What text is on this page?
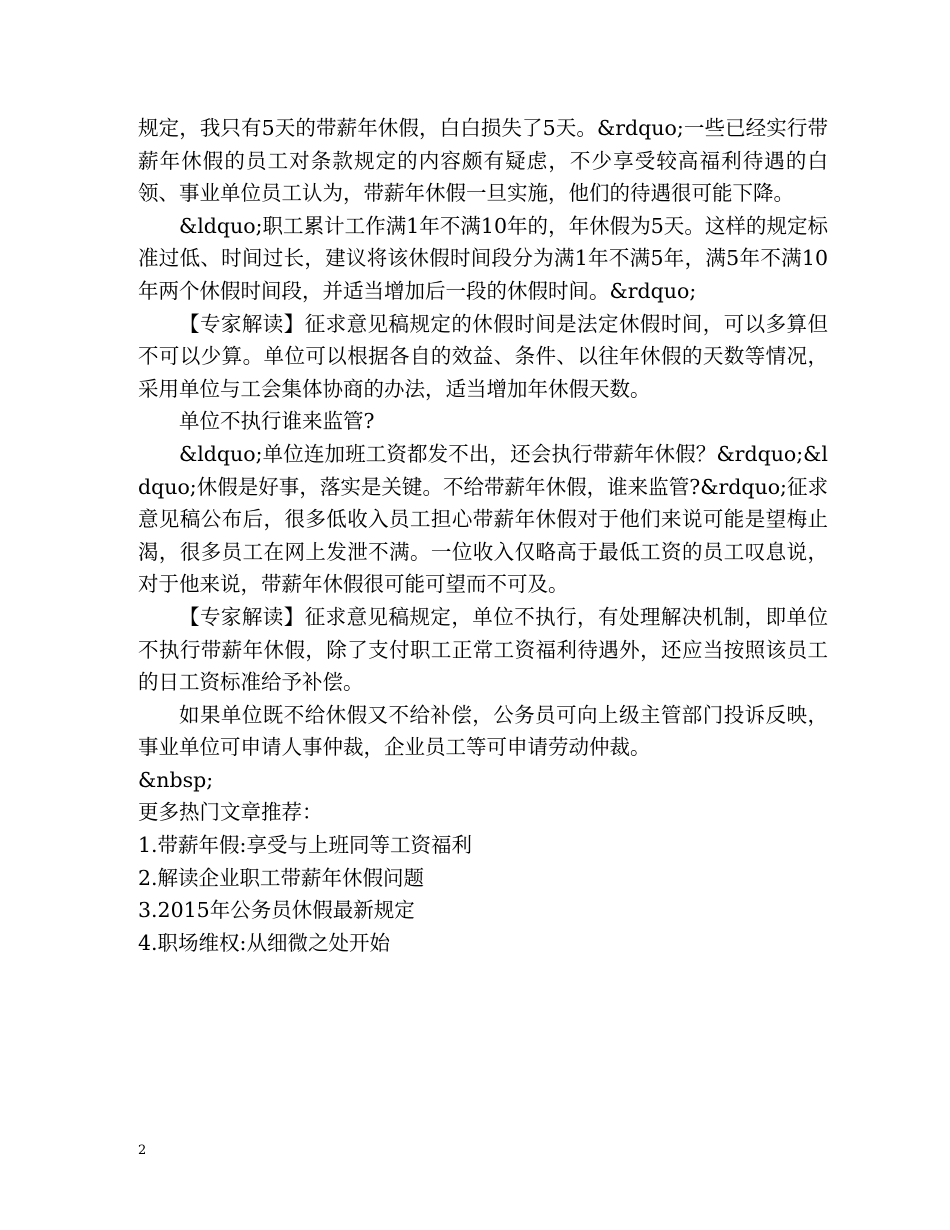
规定，我只有5天的带薪年休假，白白损失了5天。&rdquo;一些已经实行带薪年休假的员工对条款规定的内容颇有疑虑，不少享受较高福利待遇的白领、事业单位员工认为，带薪年休假一旦实施，他们的待遇很可能下降。

&ldquo;职工累计工作满1年不满10年的，年休假为5天。这样的规定标准过低、时间过长，建议将该休假时间段分为满1年不满5年，满5年不满10年两个休假时间段，并适当增加后一段的休假时间。&rdquo;

【专家解读】征求意见稿规定的休假时间是法定休假时间，可以多算但不可以少算。单位可以根据各自的效益、条件、以往年休假的天数等情况，采用单位与工会集体协商的办法，适当增加年休假天数。

单位不执行谁来监管?

&ldquo;单位连加班工资都发不出，还会执行带薪年休假？&rdquo;&ldquo;休假是好事，落实是关键。不给带薪年休假，谁来监管?&rdquo;征求意见稿公布后，很多低收入员工担心带薪年休假对于他们来说可能是望梅止渴，很多员工在网上发泄不满。一位收入仅略高于最低工资的员工叹息说，对于他来说，带薪年休假很可能可望而不可及。

【专家解读】征求意见稿规定，单位不执行，有处理解决机制，即单位不执行带薪年休假，除了支付职工正常工资福利待遇外，还应当按照该员工的日工资标准给予补偿。

如果单位既不给休假又不给补偿，公务员可向上级主管部门投诉反映，事业单位可申请人事仲裁，企业员工等可申请劳动仲裁。

&nbsp;

更多热门文章推荐：

1.带薪年假:享受与上班同等工资福利

2.解读企业职工带薪年休假问题

3.2015年公务员休假最新规定

4.职场维权:从细微之处开始

2
